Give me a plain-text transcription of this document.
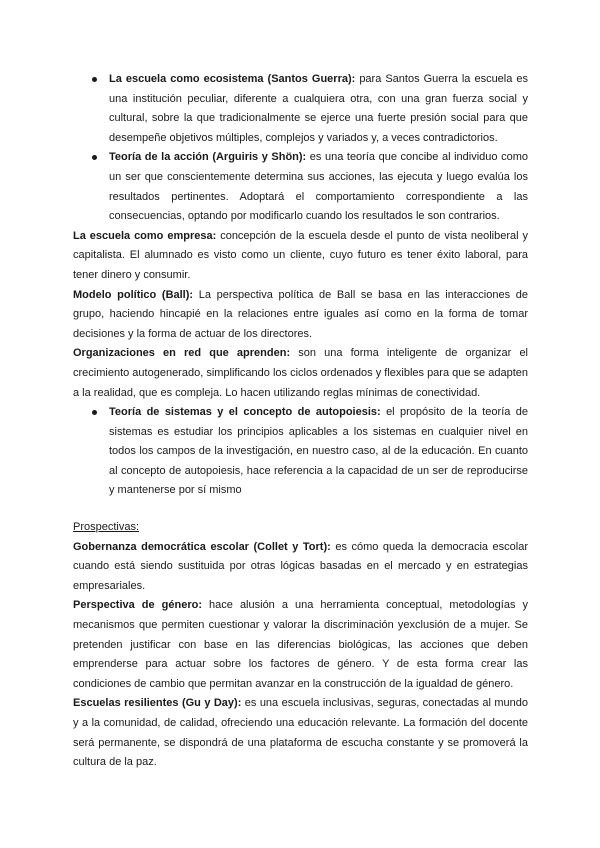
La escuela como ecosistema (Santos Guerra): para Santos Guerra la escuela es una institución peculiar, diferente a cualquiera otra, con una gran fuerza social y cultural, sobre la que tradicionalmente se ejerce una fuerte presión social para que desempeñe objetivos múltiples, complejos y variados y, a veces contradictorios.

Teoría de la acción (Arguiris y Shön): es una teoría que concibe al individuo como un ser que conscientemente determina sus acciones, las ejecuta y luego evalúa los resultados pertinentes. Adoptará el comportamiento correspondiente a las consecuencias, optando por modificarlo cuando los resultados le son contrarios.

La escuela como empresa: concepción de la escuela desde el punto de vista neoliberal y capitalista. El alumnado es visto como un cliente, cuyo futuro es tener éxito laboral, para tener dinero y consumir.

Modelo político (Ball): La perspectiva política de Ball se basa en las interacciones de grupo, haciendo hincapié en la relaciones entre iguales así como en la forma de tomar decisiones y la forma de actuar de los directores.

Organizaciones en red que aprenden: son una forma inteligente de organizar el crecimiento autogenerado, simplificando los ciclos ordenados y flexibles para que se adapten a la realidad, que es compleja. Lo hacen utilizando reglas mínimas de conectividad.

Teoría de sistemas y el concepto de autopoiesis: el propósito de la teoría de sistemas es estudiar los principios aplicables a los sistemas en cualquier nivel en todos los campos de la investigación, en nuestro caso, al de la educación. En cuanto al concepto de autopoiesis, hace referencia a la capacidad de un ser de reproducirse y mantenerse por sí mismo

Prospectivas:

Gobernanza democrática escolar (Collet y Tort): es cómo queda la democracia escolar cuando está siendo sustituida por otras lógicas basadas en el mercado y en estrategias empresariales.

Perspectiva de género: hace alusión a una herramienta conceptual, metodologías y mecanismos que permiten cuestionar y valorar la discriminación yexclusión de a mujer. Se pretenden justificar con base en las diferencias biológicas, las acciones que deben emprenderse para actuar sobre los factores de género. Y de esta forma crear las condiciones de cambio que permitan avanzar en la construcción de la igualdad de género.

Escuelas resilientes (Gu y Day): es una escuela inclusivas, seguras, conectadas al mundo y a la comunidad, de calidad, ofreciendo una educación relevante. La formación del docente será permanente, se dispondrá de una plataforma de escucha constante y se promoverá la cultura de la paz.
